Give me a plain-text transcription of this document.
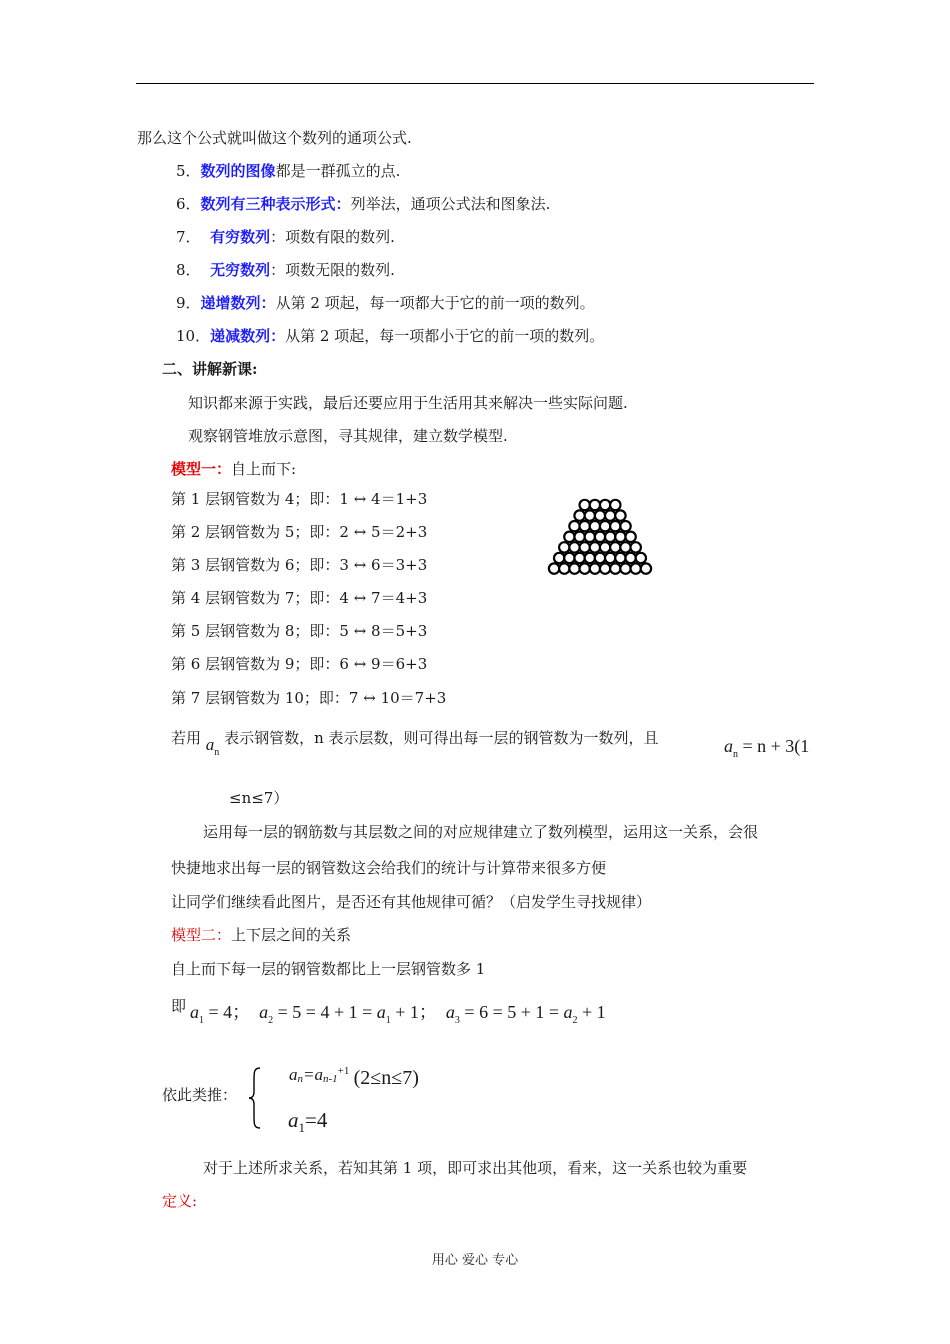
那么这个公式就叫做这个数列的通项公式.
5．数列的图像都是一群孤立的点.
6．数列有三种表示形式：列举法，通项公式法和图象法.
7．  有穷数列：项数有限的数列.
8．  无穷数列：项数无限的数列.
9．递增数列：从第 2 项起，每一项都大于它的前一项的数列。
10．递减数列：从第 2 项起，每一项都小于它的前一项的数列。
二、讲解新课:
知识都来源于实践，最后还要应用于生活用其来解决一些实际问题.
观察钢管堆放示意图，寻其规律，建立数学模型.
模型一：自上而下:
第 1 层钢管数为 4；即：1 ↔ 4＝1+3
第 2 层钢管数为 5；即：2 ↔ 5＝2+3
第 3 层钢管数为 6；即：3 ↔ 6＝3+3
第 4 层钢管数为 7；即：4 ↔ 7＝4+3
第 5 层钢管数为 8；即：5 ↔ 8＝5+3
第 6 层钢管数为 9；即：6 ↔ 9＝6+3
第 7 层钢管数为 10；即：7 ↔ 10＝7+3
若用 $a_n$ 表示钢管数，n 表示层数，则可得出每一层的钢管数为一数列，且	$a_n = n + 3(1$
≤n≤7）
运用每一层的钢筋数与其层数之间的对应规律建立了数列模型，运用这一关系，会很
快捷地求出每一层的钢管数这会给我们的统计与计算带来很多方便
让同学们继续看此图片，是否还有其他规律可循？（启发学生寻找规律）
模型二：上下层之间的关系
自上而下每一层的钢管数都比上一层钢管数多 1
即 $a_1 = 4$； $a_2 = 5 = 4 + 1 = a_1 + 1$； $a_3 = 6 = 5 + 1 = a_2 + 1$
依此类推：
$an=an-1^{+1}$ (2≤n≤7)
$a_1=4$
对于上述所求关系，若知其第 1 项，即可求出其他项，看来，这一关系也较为重要
定义:
用心 爱心 专心
